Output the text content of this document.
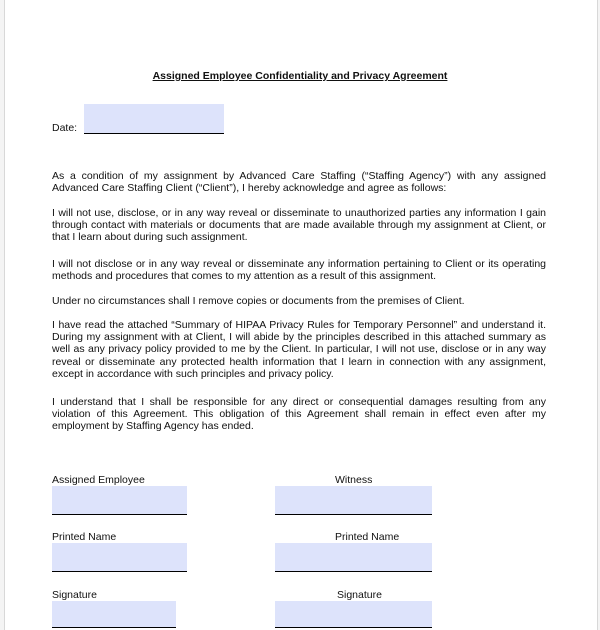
Assigned Employee Confidentiality and Privacy Agreement
Date:

As a condition of my assignment by Advanced Care Staffing (“Staffing Agency”) with any assigned Advanced Care Staffing Client (“Client”), I hereby acknowledge and agree as follows:

I will not use, disclose, or in any way reveal or disseminate to unauthorized parties any information I gain through contact with materials or documents that are made available through my assignment at Client, or that I learn about during such assignment.

I will not disclose or in any way reveal or disseminate any information pertaining to Client or its operating methods and procedures that comes to my attention as a result of this assignment.

Under no circumstances shall I remove copies or documents from the premises of Client.

I have read the attached “Summary of HIPAA Privacy Rules for Temporary Personnel” and understand it. During my assignment with at Client, I will abide by the principles described in this attached summary as well as any privacy policy provided to me by the Client. In particular, I will not use, disclose or in any way reveal or disseminate any protected health information that I learn in connection with any assignment, except in accordance with such principles and privacy policy.

I understand that I shall be responsible for any direct or consequential damages resulting from any violation of this Agreement. This obligation of this Agreement shall remain in effect even after my employment by Staffing Agency has ended.

Assigned Employee	Witness
Printed Name	Printed Name
Signature	Signature
